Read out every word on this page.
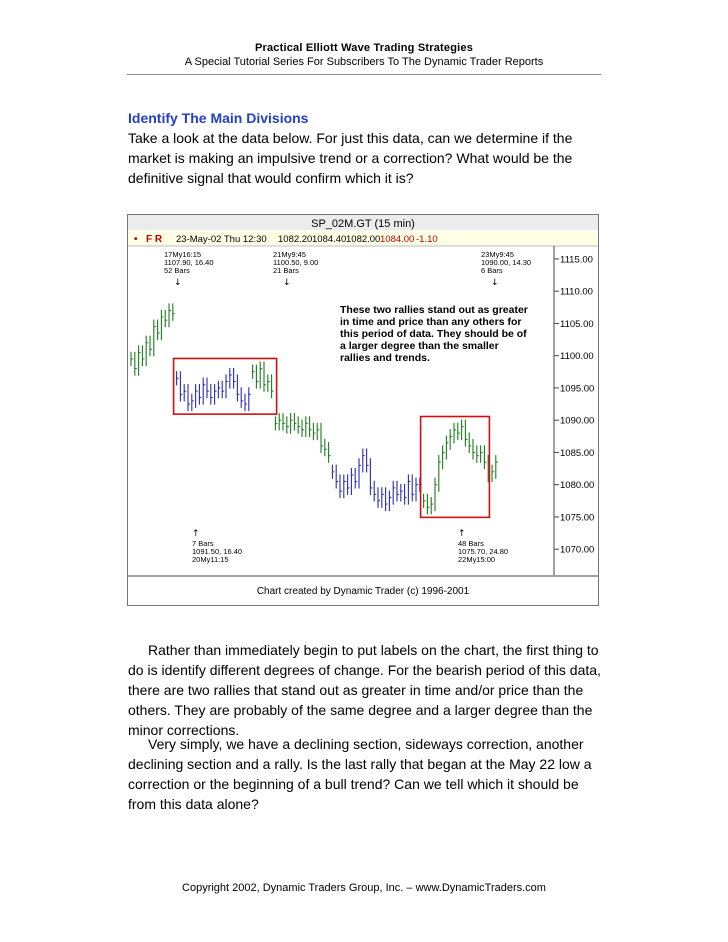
Practical Elliott Wave Trading Strategies
A Special Tutorial Series For Subscribers To The Dynamic Trader Reports
Identify The Main Divisions
Take a look at the data below. For just this data, can we determine if the market is making an impulsive trend or a correction? What would be the definitive signal that would confirm which it is?
SP_02M.GT (15 min)
• F R 23-May-02 Thu 12:30 1082.20 1084.40 1082.00 1084.00 -1.10
Chart created by Dynamic Trader (c) 1996-2001
1115.00
1110.00
1105.00
1100.00
1095.00
1090.00
1085.00
1080.00
1075.00
1070.00
17My16:15
1107.90, 16.40
52 Bars
↓
21My9:45
1100.50, 9.00
21 Bars
↓
23My9:45
1090.00, 14.30
6 Bars
↓
↑
7 Bars
1091.50, 16.40
20My11:15
↑
48 Bars
1075.70, 24.80
22My15:00
These two rallies stand out as greater
in time and price than any others for
this period of data. They should be of
a larger degree than the smaller
rallies and trends.
Rather than immediately begin to put labels on the chart, the first thing to do is identify different degrees of change. For the bearish period of this data, there are two rallies that stand out as greater in time and/or price than the others. They are probably of the same degree and a larger degree than the minor corrections.
Very simply, we have a declining section, sideways correction, another declining section and a rally. Is the last rally that began at the May 22 low a correction or the beginning of a bull trend? Can we tell which it should be from this data alone?
Copyright 2002, Dynamic Traders Group, Inc. – www.DynamicTraders.com
